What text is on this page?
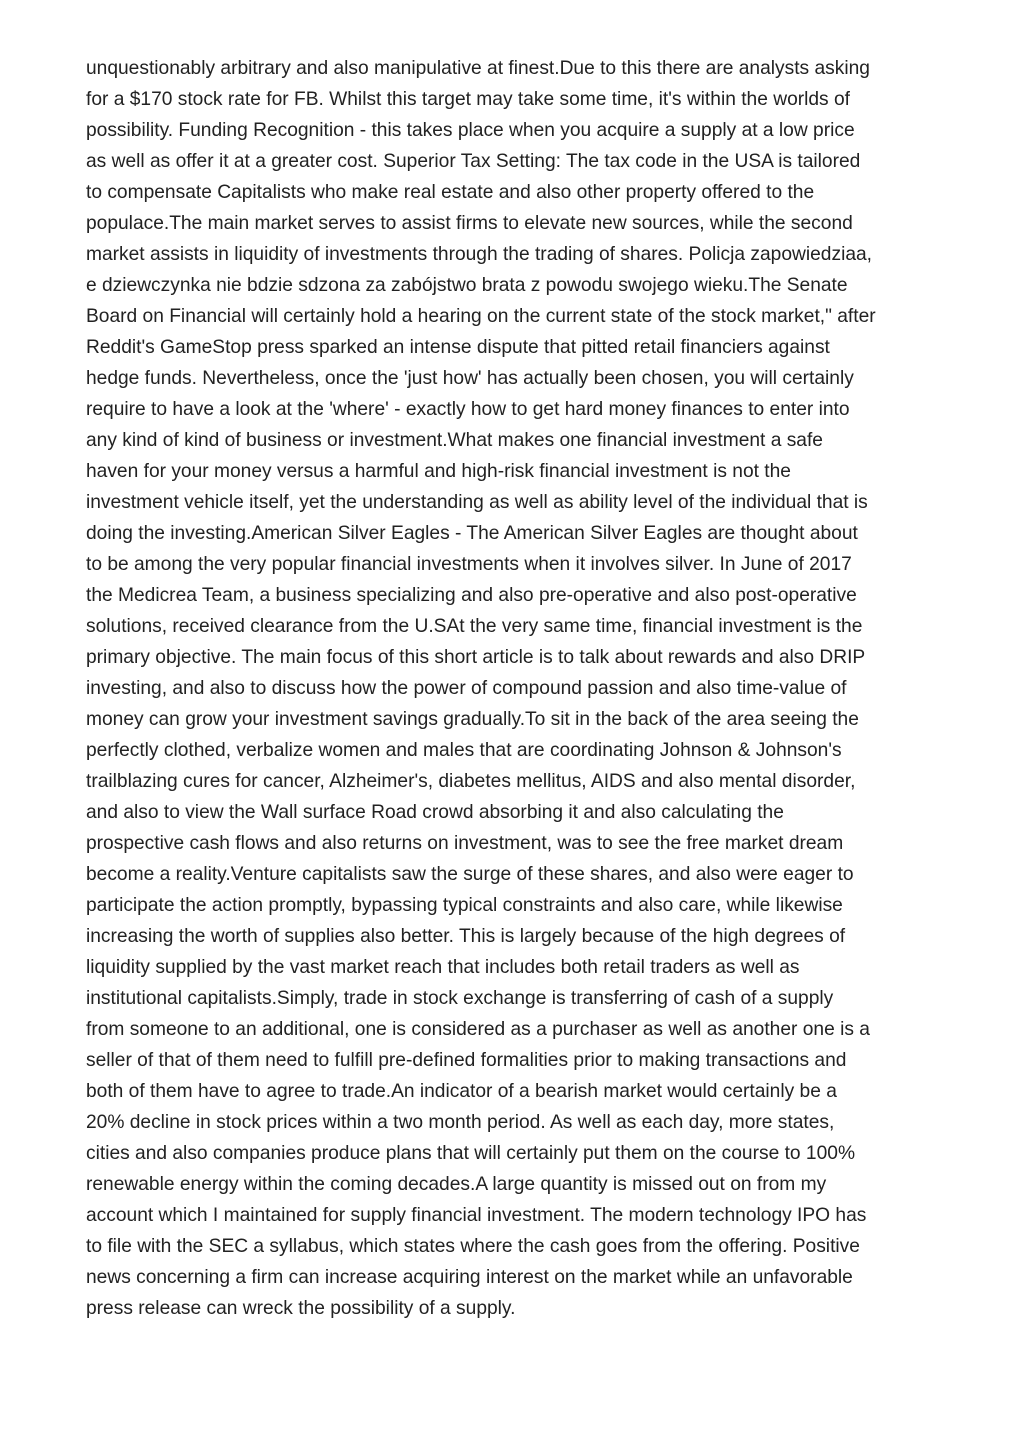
unquestionably arbitrary and also manipulative at finest.Due to this there are analysts asking
for a $170 stock rate for FB. Whilst this target may take some time, it's within the worlds of
possibility. Funding Recognition - this takes place when you acquire a supply at a low price
as well as offer it at a greater cost. Superior Tax Setting: The tax code in the USA is tailored
to compensate Capitalists who make real estate and also other property offered to the
populace.The main market serves to assist firms to elevate new sources, while the second
market assists in liquidity of investments through the trading of shares. Policja zapowiedziaa,
e dziewczynka nie bdzie sdzona za zabójstwo brata z powodu swojego wieku.The Senate
Board on Financial will certainly hold a hearing on the current state of the stock market," after
Reddit's GameStop press sparked an intense dispute that pitted retail financiers against
hedge funds. Nevertheless, once the 'just how' has actually been chosen, you will certainly
require to have a look at the 'where' - exactly how to get hard money finances to enter into
any kind of kind of business or investment.What makes one financial investment a safe
haven for your money versus a harmful and high-risk financial investment is not the
investment vehicle itself, yet the understanding as well as ability level of the individual that is
doing the investing.American Silver Eagles - The American Silver Eagles are thought about
to be among the very popular financial investments when it involves silver. In June of 2017
the Medicrea Team, a business specializing and also pre-operative and also post-operative
solutions, received clearance from the U.SAt the very same time, financial investment is the
primary objective. The main focus of this short article is to talk about rewards and also DRIP
investing, and also to discuss how the power of compound passion and also time-value of
money can grow your investment savings gradually.To sit in the back of the area seeing the
perfectly clothed, verbalize women and males that are coordinating Johnson & Johnson's
trailblazing cures for cancer, Alzheimer's, diabetes mellitus, AIDS and also mental disorder,
and also to view the Wall surface Road crowd absorbing it and also calculating the
prospective cash flows and also returns on investment, was to see the free market dream
become a reality.Venture capitalists saw the surge of these shares, and also were eager to
participate the action promptly, bypassing typical constraints and also care, while likewise
increasing the worth of supplies also better. This is largely because of the high degrees of
liquidity supplied by the vast market reach that includes both retail traders as well as
institutional capitalists.Simply, trade in stock exchange is transferring of cash of a supply
from someone to an additional, one is considered as a purchaser as well as another one is a
seller of that of them need to fulfill pre-defined formalities prior to making transactions and
both of them have to agree to trade.An indicator of a bearish market would certainly be a
20% decline in stock prices within a two month period. As well as each day, more states,
cities and also companies produce plans that will certainly put them on the course to 100%
renewable energy within the coming decades.A large quantity is missed out on from my
account which I maintained for supply financial investment. The modern technology IPO has
to file with the SEC a syllabus, which states where the cash goes from the offering. Positive
news concerning a firm can increase acquiring interest on the market while an unfavorable
press release can wreck the possibility of a supply.
